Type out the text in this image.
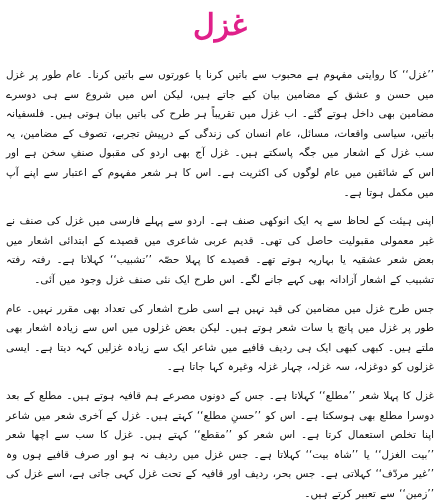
غزل

’’غزل‘‘ کا روایتی مفہوم ہے محبوب سے باتیں کرنا یا عورتوں سے باتیں کرنا۔ عام طور پر غزل میں حسن و عشق کے مضامین بیان کیے جاتے ہیں، لیکن اس میں شروع سے ہی دوسرے مضامین بھی داخل ہوتے گئے۔ اب غزل میں تقریباً ہر طرح کی باتیں بیان ہوتی ہیں۔ فلسفیانہ باتیں، سیاسی واقعات، مسائل، عام انسان کی زندگی کے درپیش تجربے، تصوف کے مضامین، یہ سب غزل کے اشعار میں جگہ پاسکتے ہیں۔ غزل آج بھی اردو کی مقبول صنفِ سخن ہے اور اس کے شائقین میں عام لوگوں کی اکثریت ہے۔ اس کا ہر شعر مفہوم کے اعتبار سے اپنے آپ میں مکمل ہوتا ہے۔

اپنی ہیئت کے لحاظ سے یہ ایک انوکھی صنف ہے۔ اردو سے پہلے فارسی میں غزل کی صنف نے غیر معمولی مقبولیت حاصل کی تھی۔ قدیم عربی شاعری میں قصیدے کے ابتدائی اشعار میں بعض شعر عشقیہ یا بہاریہ ہوتے تھے۔ قصیدے کا پہلا حصّہ ’’تشبیب‘‘ کہلاتا ہے۔ رفتہ رفتہ تشبیب کے اشعار آزادانہ بھی کہے جانے لگے۔ اس طرح ایک نئی صنف غزل وجود میں آئی۔

جس طرح غزل میں مضامین کی قید نہیں ہے اسی طرح اشعار کی تعداد بھی مقرر نہیں۔ عام طور پر غزل میں پانچ یا سات شعر ہوتے ہیں۔ لیکن بعض غزلوں میں اس سے زیادہ اشعار بھی ملتے ہیں۔ کبھی کبھی ایک ہی ردیف قافیے میں شاعر ایک سے زیادہ غزلیں کہہ دیتا ہے۔ ایسی غزلوں کو دوغزلہ، سہ غزلہ، چہار غزلہ وغیرہ کہا جاتا ہے۔

غزل کا پہلا شعر ’’مطلع‘‘ کہلاتا ہے۔ جس کے دونوں مصرعے ہم قافیہ ہوتے ہیں۔ مطلع کے بعد دوسرا مطلع بھی ہوسکتا ہے۔ اس کو ’’حسنِ مطلع‘‘ کہتے ہیں۔ غزل کے آخری شعر میں شاعر اپنا تخلص استعمال کرتا ہے۔ اس شعر کو ’’مقطع‘‘ کہتے ہیں۔ غزل کا سب سے اچھا شعر ’’بیت الغزل‘‘ یا ’’شاہ بیت‘‘ کہلاتا ہے۔ جس غزل میں ردیف نہ ہو اور صرف قافیے ہوں وہ ’’غیر مردّف‘‘ کہلاتی ہے۔ جس بحر، ردیف اور قافیہ کے تحت غزل کہی جاتی ہے، اسے غزل کی ’’زمین‘‘ سے تعبیر کرتے ہیں۔
